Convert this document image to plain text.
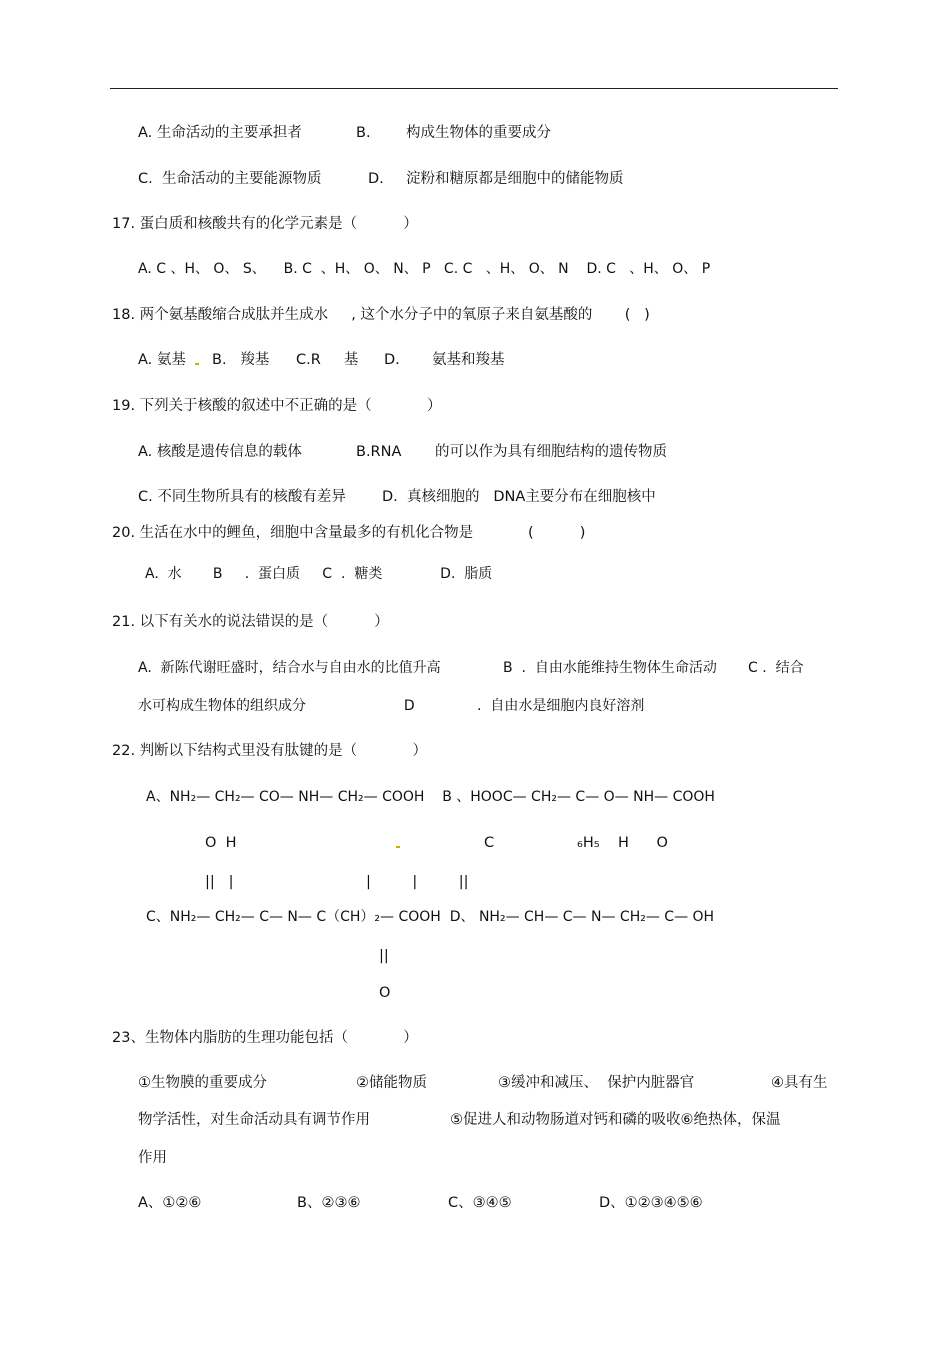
A. 生命活动的主要承担者	B. 构成生物体的重要成分
C.  生命活动的主要能源物质	D. 淀粉和糖原都是细胞中的储能物质
17. 蛋白质和核酸共有的化学元素是（          ）
A. C 、H、 O、 S、    B. C  、H、 O、 N、 P   C. C   、H、 O、 N    D. C   、H、 O、 P
18. 两个氨基酸缩合成肽并生成水     , 这个水分子中的氧原子来自氨基酸的       (   )
A. 氨基 B.   羧基 C.R     基 D.       氨基和羧基
19. 下列关于核酸的叙述中不正确的是（            ）
A. 核酸是遗传信息的载体	B.RNA 的可以作为具有细胞结构的遗传物质
C. 不同生物所具有的核酸有差异 D.  真核细胞的   DNA主要分布在细胞核中
20. 生活在水中的鲤鱼，细胞中含量最多的有机化合物是	(          )
A.  水       B     .  蛋白质     C  .  糖类             D.  脂质
21. 以下有关水的说法错误的是（          ）
A.  新陈代谢旺盛时，结合水与自由水的比值升高              B  .  自由水能维持生物体生命活动       C .  结合
水可构成生物体的组织成分                      D              .  自由水是细胞内良好溶剂
22. 判断以下结构式里没有肽键的是（            ）
A、NH₂— CH₂— CO— NH— CH₂— COOH    B 、HOOC— CH₂— C— O— NH— COOH
O  H	C	₆H₅    H      O
||   |	|         |         ||
C、NH₂— CH₂— C— N— C（CH）₂— COOH  D、 NH₂— CH— C— N— CH₂— C— OH
||
O
23、生物体内脂肪的生理功能包括（            ）
①生物膜的重要成分	②储能物质	③缓冲和减压、  保护内脏器官	④具有生
物学活性，对生命活动具有调节作用	⑤促进人和动物肠道对钙和磷的吸收⑥绝热体，保温
作用
A、①②⑥	B、②③⑥	C、③④⑤	D、①②③④⑤⑥
